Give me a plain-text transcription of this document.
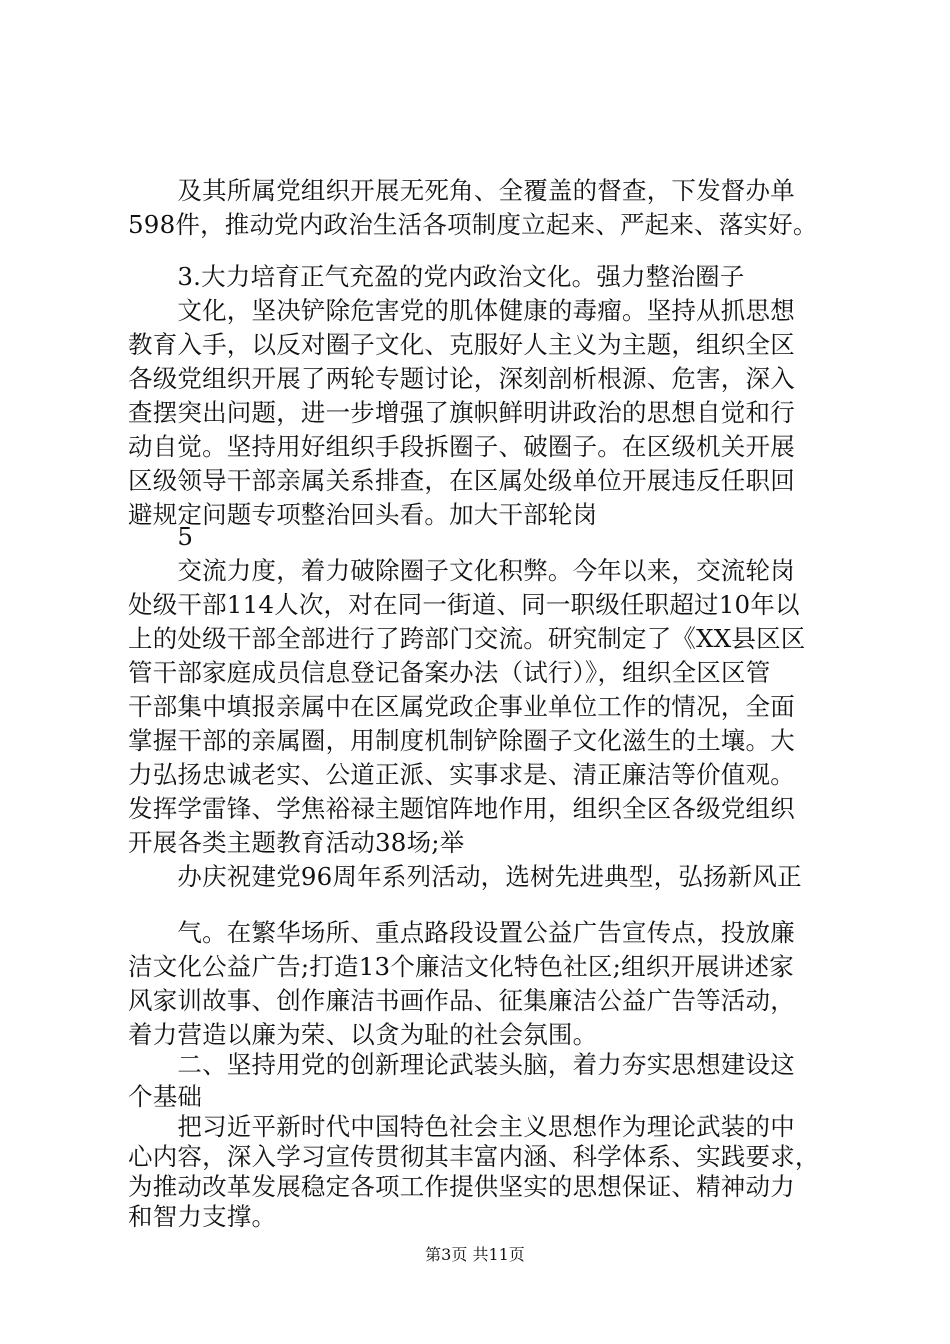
　　及其所属党组织开展无死角、全覆盖的督查，下发督办单
598件，推动党内政治生活各项制度立起来、严起来、落实好。
　　3.大力培育正气充盈的党内政治文化。强力整治圈子
　　文化，坚决铲除危害党的肌体健康的毒瘤。坚持从抓思想
教育入手，以反对圈子文化、克服好人主义为主题，组织全区
各级党组织开展了两轮专题讨论，深刻剖析根源、危害，深入
查摆突出问题，进一步增强了旗帜鲜明讲政治的思想自觉和行
动自觉。坚持用好组织手段拆圈子、破圈子。在区级机关开展
区级领导干部亲属关系排查，在区属处级单位开展违反任职回
避规定问题专项整治回头看。加大干部轮岗
　　5
　　交流力度，着力破除圈子文化积弊。今年以来，交流轮岗
处级干部114人次，对在同一街道、同一职级任职超过10年以
上的处级干部全部进行了跨部门交流。研究制定了《XX县区区
管干部家庭成员信息登记备案办法（试行）》，组织全区区管
干部集中填报亲属中在区属党政企事业单位工作的情况，全面
掌握干部的亲属圈，用制度机制铲除圈子文化滋生的土壤。大
力弘扬忠诚老实、公道正派、实事求是、清正廉洁等价值观。
发挥学雷锋、学焦裕禄主题馆阵地作用，组织全区各级党组织
开展各类主题教育活动38场;举
　　办庆祝建党96周年系列活动，选树先进典型，弘扬新风正
　　气。在繁华场所、重点路段设置公益广告宣传点，投放廉
洁文化公益广告;打造13个廉洁文化特色社区;组织开展讲述家
风家训故事、创作廉洁书画作品、征集廉洁公益广告等活动，
着力营造以廉为荣、以贪为耻的社会氛围。
　　二、坚持用党的创新理论武装头脑，着力夯实思想建设这
个基础
　　把习近平新时代中国特色社会主义思想作为理论武装的中
心内容，深入学习宣传贯彻其丰富内涵、科学体系、实践要求，
为推动改革发展稳定各项工作提供坚实的思想保证、精神动力
和智力支撑。
第3页 共11页
